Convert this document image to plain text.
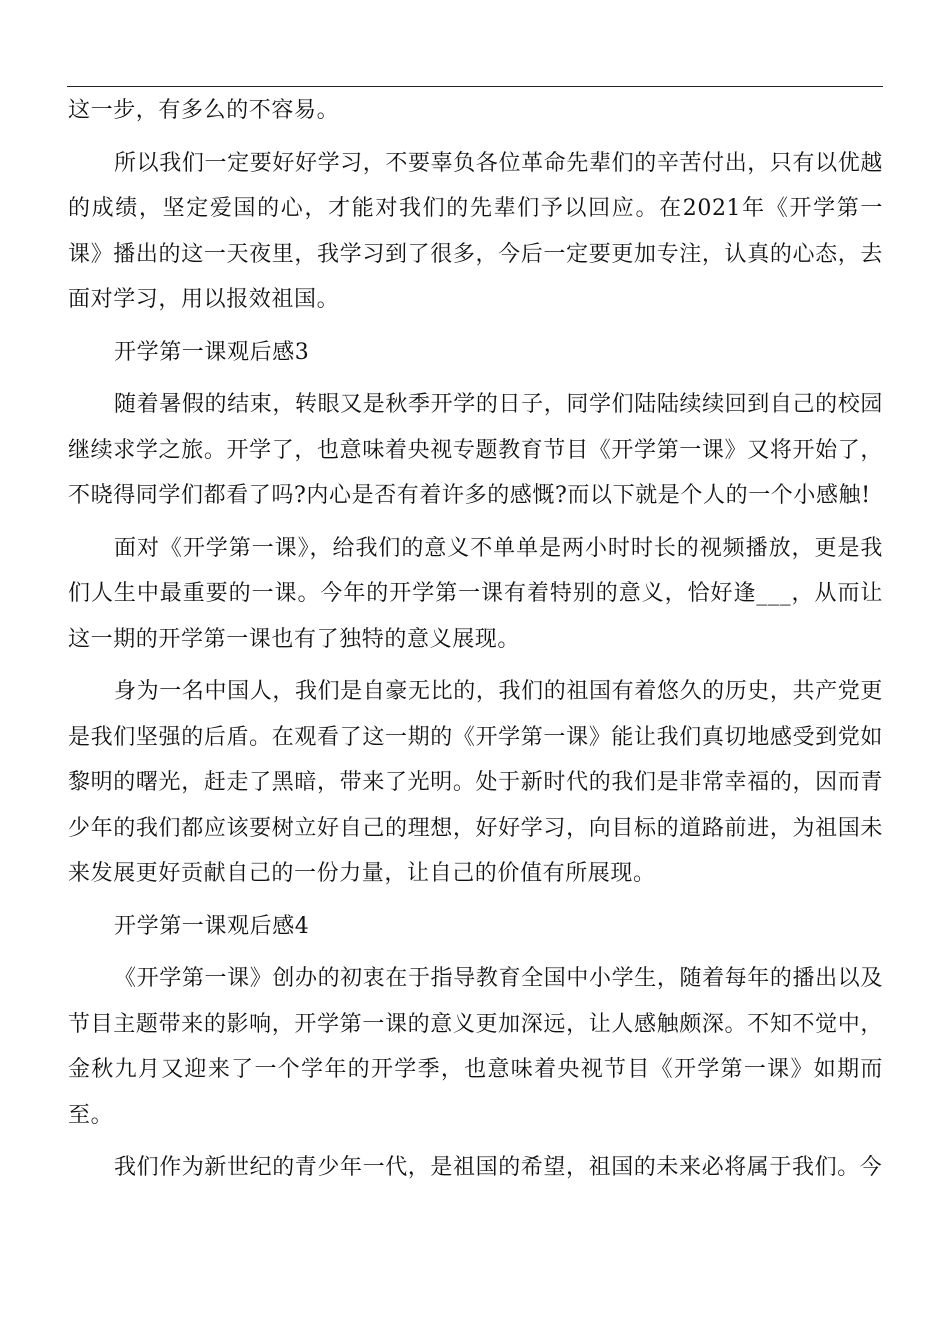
这一步，有多么的不容易。

所以我们一定要好好学习，不要辜负各位革命先辈们的辛苦付出，只有以优越的成绩，坚定爱国的心，才能对我们的先辈们予以回应。在2021年《开学第一课》播出的这一天夜里，我学习到了很多，今后一定要更加专注，认真的心态，去面对学习，用以报效祖国。

开学第一课观后感3

随着暑假的结束，转眼又是秋季开学的日子，同学们陆陆续续回到自己的校园继续求学之旅。开学了，也意味着央视专题教育节目《开学第一课》又将开始了，不晓得同学们都看了吗?内心是否有着许多的感慨?而以下就是个人的一个小感触!

面对《开学第一课》，给我们的意义不单单是两小时时长的视频播放，更是我们人生中最重要的一课。今年的开学第一课有着特别的意义，恰好逢___，从而让这一期的开学第一课也有了独特的意义展现。

身为一名中国人，我们是自豪无比的，我们的祖国有着悠久的历史，共产党更是我们坚强的后盾。在观看了这一期的《开学第一课》能让我们真切地感受到党如黎明的曙光，赶走了黑暗，带来了光明。处于新时代的我们是非常幸福的，因而青少年的我们都应该要树立好自己的理想，好好学习，向目标的道路前进，为祖国未来发展更好贡献自己的一份力量，让自己的价值有所展现。

开学第一课观后感4

《开学第一课》创办的初衷在于指导教育全国中小学生，随着每年的播出以及节目主题带来的影响，开学第一课的意义更加深远，让人感触颇深。不知不觉中，金秋九月又迎来了一个学年的开学季，也意味着央视节目《开学第一课》如期而至。

我们作为新世纪的青少年一代，是祖国的希望，祖国的未来必将属于我们。今
